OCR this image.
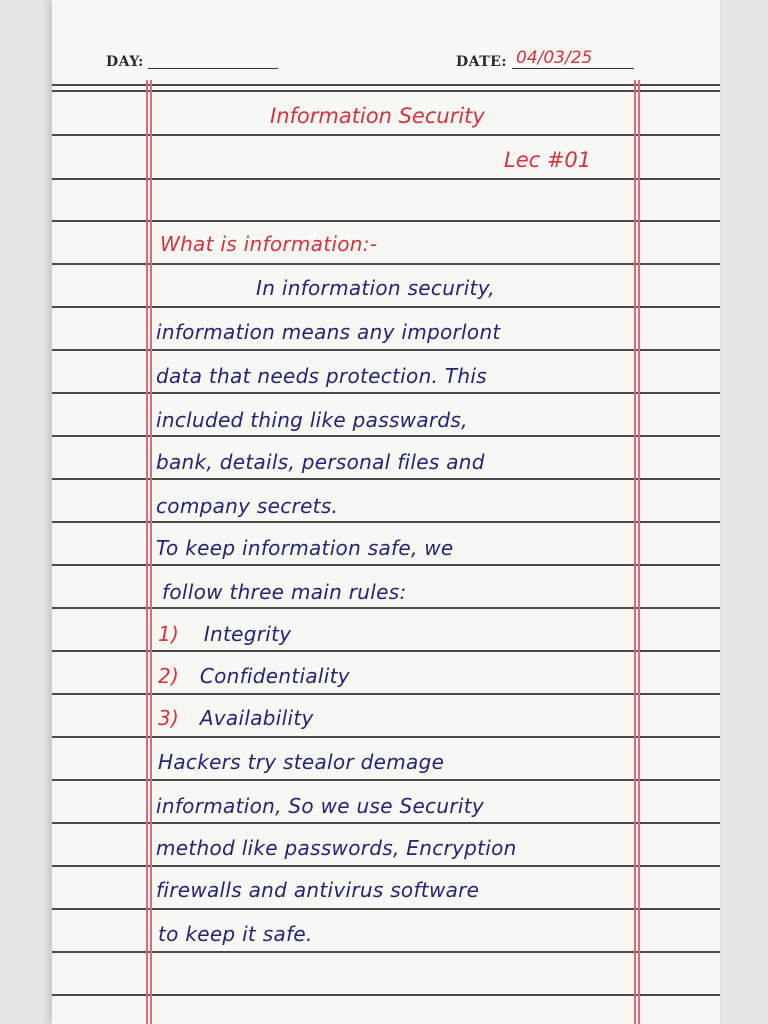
DAY:	DATE: 04/03/25
Information Security
Lec #01
What is information:-
In information security,
information means any imporlont
data that needs protection. This
included thing like passwards,
bank, details, personal files and
company secrets.
To keep information safe, we
follow three main rules:
1) Integrity
2) Confidentiality
3) Availability
Hackers try stealor demage
information, So we use Security
method like passwords, Encryption
firewalls and antivirus software
to keep it safe.
